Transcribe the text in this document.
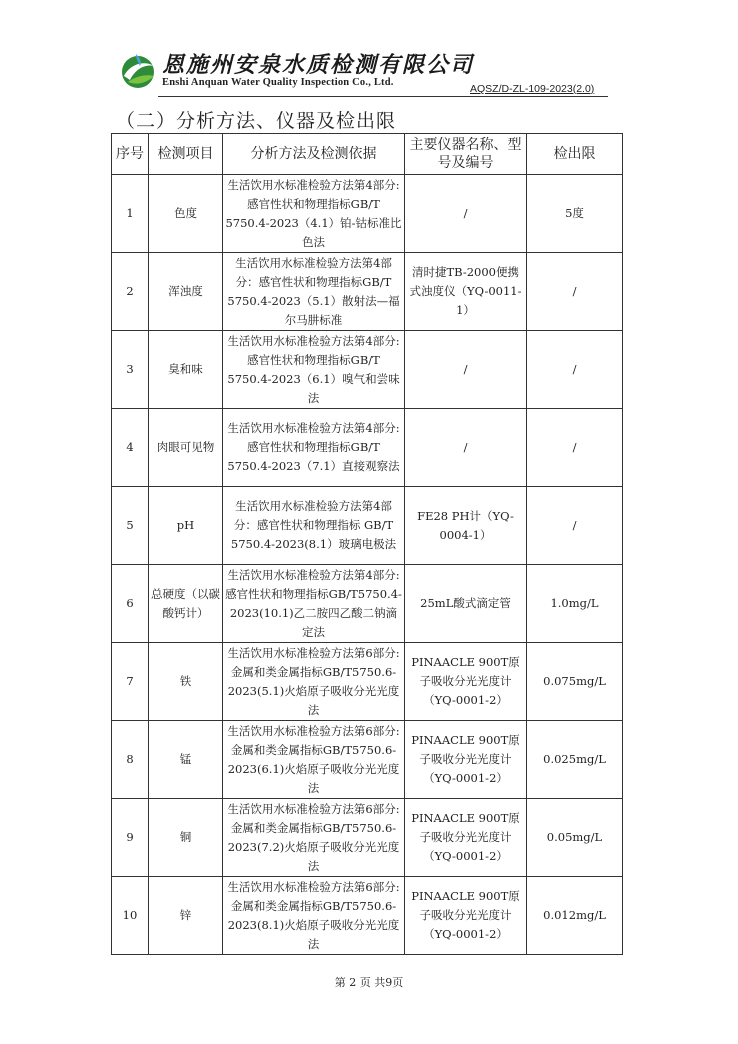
恩施州安泉水质检测有限公司
Enshi Anquan Water Quality Inspection Co., Ltd.
AQSZ/D-ZL-109-2023(2.0)
（二）分析方法、仪器及检出限
序号	检测项目	分析方法及检测依据	主要仪器名称、型号及编号	检出限
1	色度	生活饮用水标准检验方法第4部分:感官性状和物理指标GB/T 5750.4-2023（4.1）铂-钴标准比色法	/	5度
2	浑浊度	生活饮用水标准检验方法第4部分：感官性状和物理指标GB/T 5750.4-2023（5.1）散射法—福尔马肼标准	清时捷TB-2000便携式浊度仪（YQ-0011-1）	/
3	臭和味	生活饮用水标准检验方法第4部分:感官性状和物理指标GB/T 5750.4-2023（6.1）嗅气和尝味法	/	/
4	肉眼可见物	生活饮用水标准检验方法第4部分:感官性状和物理指标GB/T 5750.4-2023（7.1）直接观察法	/	/
5	pH	生活饮用水标准检验方法第4部分：感官性状和物理指标 GB/T 5750.4-2023(8.1）玻璃电极法	FE28 PH计（YQ-0004-1）	/
6	总硬度（以碳酸钙计）	生活饮用水标准检验方法第4部分:感官性状和物理指标GB/T5750.4-2023(10.1)乙二胺四乙酸二钠滴定法	25mL酸式滴定管	1.0mg/L
7	铁	生活饮用水标准检验方法第6部分:金属和类金属指标GB/T5750.6-2023(5.1)火焰原子吸收分光光度法	PINAACLE 900T原子吸收分光光度计（YQ-0001-2）	0.075mg/L
8	锰	生活饮用水标准检验方法第6部分:金属和类金属指标GB/T5750.6-2023(6.1)火焰原子吸收分光光度法	PINAACLE 900T原子吸收分光光度计（YQ-0001-2）	0.025mg/L
9	铜	生活饮用水标准检验方法第6部分:金属和类金属指标GB/T5750.6-2023(7.2)火焰原子吸收分光光度法	PINAACLE 900T原子吸收分光光度计（YQ-0001-2）	0.05mg/L
10	锌	生活饮用水标准检验方法第6部分:金属和类金属指标GB/T5750.6-2023(8.1)火焰原子吸收分光光度法	PINAACLE 900T原子吸收分光光度计（YQ-0001-2）	0.012mg/L
第 2 页 共9页
